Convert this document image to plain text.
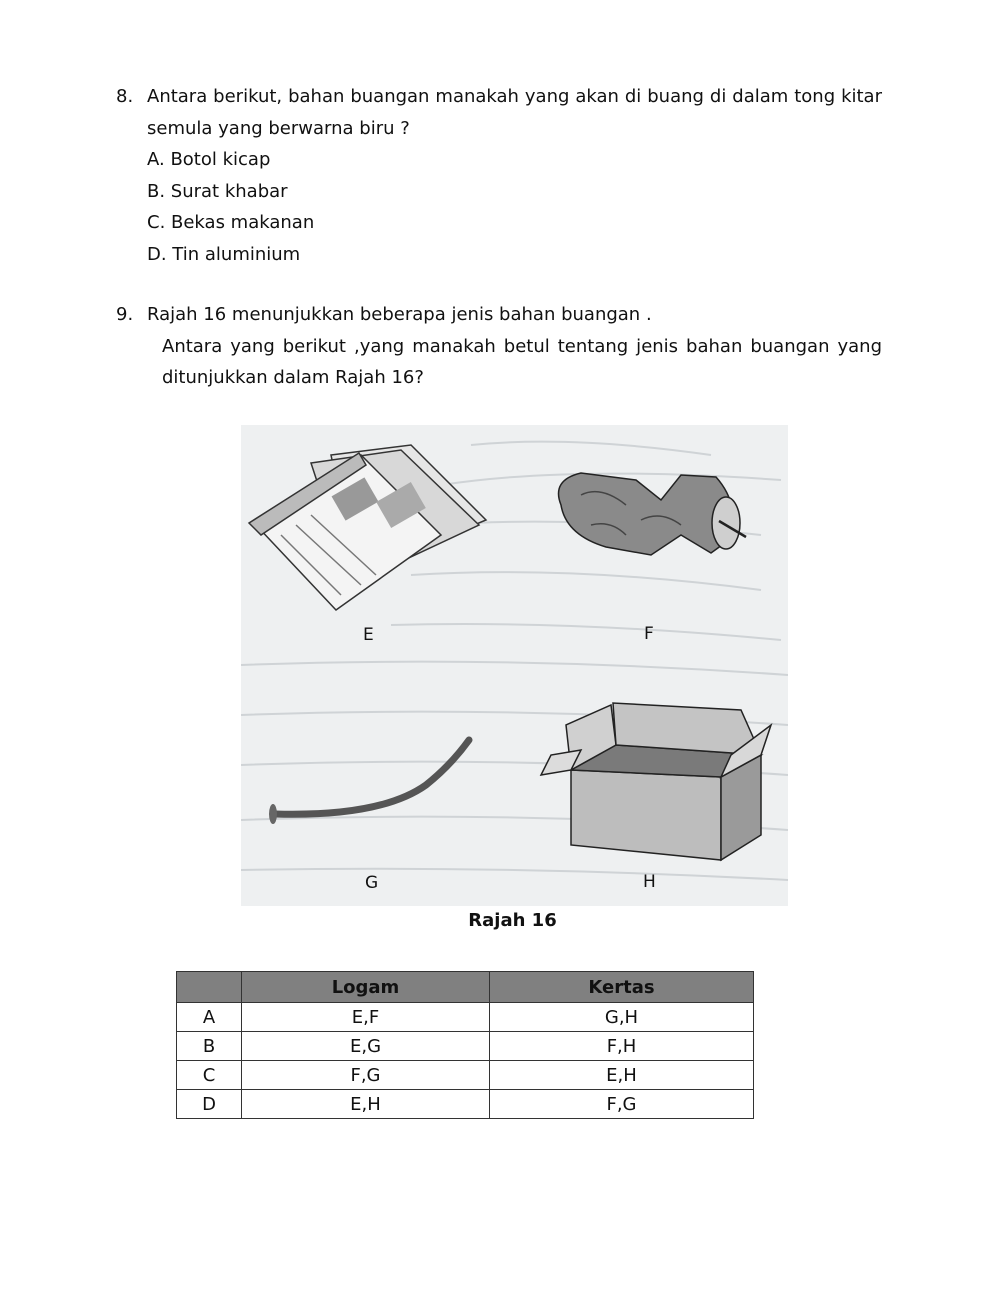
8. Antara berikut, bahan buangan manakah yang akan di buang di dalam tong kitar
semula yang berwarna biru ?
A. Botol kicap
B. Surat khabar
C. Bekas makanan
D. Tin aluminium
9. Rajah 16 menunjukkan beberapa jenis bahan buangan .
Antara yang berikut ,yang manakah betul tentang jenis bahan buangan yang
ditunjukkan dalam Rajah 16?
E	F
G	H
Rajah 16
	Logam	Kertas
A	E,F	G,H
B	E,G	F,H
C	F,G	E,H
D	E,H	F,G
